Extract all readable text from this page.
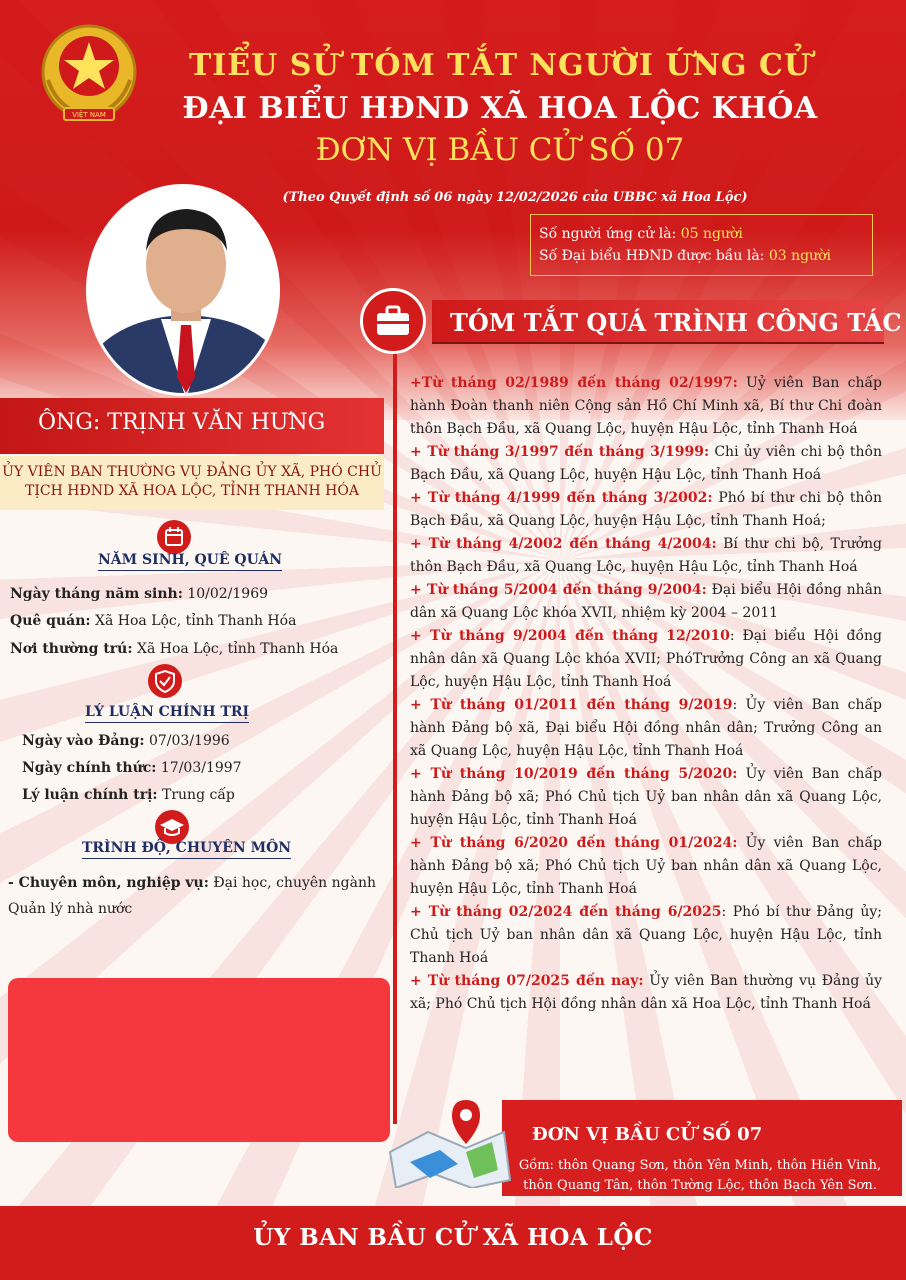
VIỆT NAM
TIỂU SỬ TÓM TẮT NGƯỜI ỨNG CỬ
ĐẠI BIỂU HĐND XÃ HOA LỘC KHÓA
ĐƠN VỊ BẦU CỬ SỐ 07
(Theo Quyết định số 06 ngày 12/02/2026 của UBBC xã Hoa Lộc)
Số người ứng cử là: 05 người
Số Đại biểu HĐND được bầu là: 03 người
ÔNG: TRỊNH VĂN HƯNG
ỦY VIÊN BAN THƯỜNG VỤ ĐẢNG ỦY XÃ, PHÓ CHỦ TỊCH HĐND XÃ HOA LỘC, TỈNH THANH HÓA
NĂM SINH, QUÊ QUÁN
Ngày tháng năm sinh: 10/02/1969
Quê quán: Xã Hoa Lộc, tỉnh Thanh Hóa
Nơi thường trú: Xã Hoa Lộc, tỉnh Thanh Hóa
LÝ LUẬN CHÍNH TRỊ
Ngày vào Đảng: 07/03/1996
Ngày chính thức: 17/03/1997
Lý luận chính trị: Trung cấp
TRÌNH ĐỘ, CHUYÊN MÔN
- Chuyên môn, nghiệp vụ: Đại học, chuyên ngành Quản lý nhà nước
TÓM TẮT QUÁ TRÌNH CÔNG TÁC

+Từ tháng 02/1989 đến tháng 02/1997: Uỷ viên Ban chấp hành Đoàn thanh niên Cộng sản Hồ Chí Minh xã, Bí thư Chi đoàn thôn Bạch Đầu, xã Quang Lộc, huyện Hậu Lộc, tỉnh Thanh Hoá

+ Từ tháng 3/1997 đến tháng 3/1999: Chi ủy viên chi bộ thôn Bạch Đầu, xã Quang Lộc, huyện Hậu Lộc, tỉnh Thanh Hoá

+ Từ tháng 4/1999 đến tháng 3/2002: Phó bí thư chi bộ thôn Bạch Đầu, xã Quang Lộc, huyện Hậu Lộc, tỉnh Thanh Hoá;

+ Từ tháng 4/2002 đến tháng 4/2004: Bí thư chi bộ, Trưởng thôn Bạch Đầu, xã Quang Lộc, huyện Hậu Lộc, tỉnh Thanh Hoá

+ Từ tháng 5/2004 đến tháng 9/2004: Đại biểu Hội đồng nhân dân xã Quang Lộc khóa XVII, nhiệm kỳ 2004 – 2011

+ Từ tháng 9/2004 đến tháng 12/2010: Đại biểu Hội đồng nhân dân xã Quang Lộc khóa XVII; PhóTrưởng Công an xã Quang Lộc, huyện Hậu Lộc, tỉnh Thanh Hoá

+ Từ tháng 01/2011 đến tháng 9/2019: Ủy viên Ban chấp hành Đảng bộ xã, Đại biểu Hội đồng nhân dân; Trưởng Công an xã Quang Lộc, huyện Hậu Lộc, tỉnh Thanh Hoá

+ Từ tháng 10/2019 đến tháng 5/2020: Ủy viên Ban chấp hành Đảng bộ xã; Phó Chủ tịch Uỷ ban nhân dân xã Quang Lộc, huyện Hậu Lộc, tỉnh Thanh Hoá

+ Từ tháng 6/2020 đến tháng 01/2024: Ủy viên Ban chấp hành Đảng bộ xã; Phó Chủ tịch Uỷ ban nhân dân xã Quang Lộc, huyện Hậu Lộc, tỉnh Thanh Hoá

+ Từ tháng 02/2024 đến tháng 6/2025: Phó bí thư Đảng ủy; Chủ tịch Uỷ ban nhân dân xã Quang Lộc, huyện Hậu Lộc, tỉnh Thanh Hoá

+ Từ tháng 07/2025 đến nay: Ủy viên Ban thường vụ Đảng ủy xã; Phó Chủ tịch Hội đồng nhân dân xã Hoa Lộc, tỉnh Thanh Hoá

ĐƠN VỊ BẦU CỬ SỐ 07
Gồm: thôn Quang Sơn, thôn Yên Minh, thôn Hiền Vinh, thôn Quang Tân, thôn Tường Lộc, thôn Bạch Yên Sơn.
ỦY BAN BẦU CỬ XÃ HOA LỘC
